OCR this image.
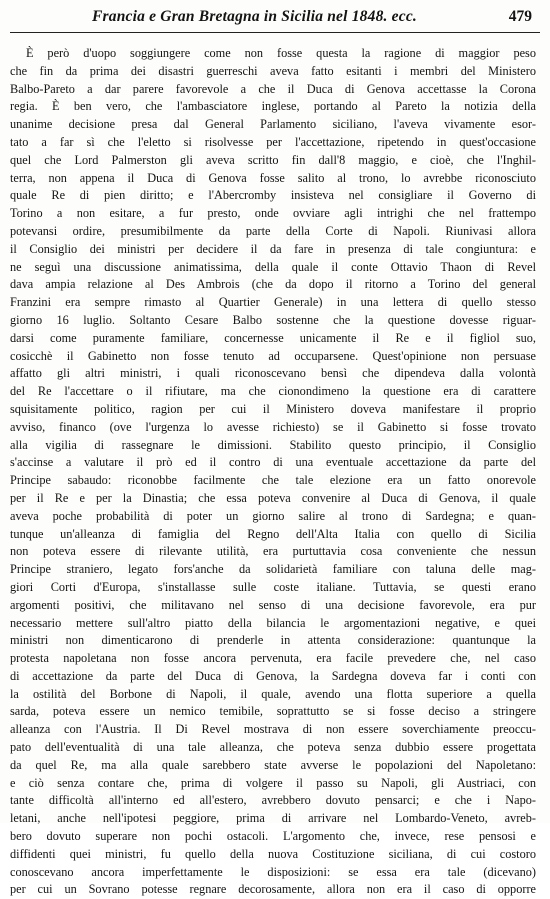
Francia e Gran Bretagna in Sicilia nel 1848. ecc.	479
È però d'uopo soggiungere come non fosse questa la ragione di maggior peso
che fin da prima dei disastri guerreschi aveva fatto esitanti i membri del Ministero
Balbo-Pareto a dar parere favorevole a che il Duca di Genova accettasse la Corona
regia. È ben vero, che l'ambasciatore inglese, portando al Pareto la notizia della
unanime decisione presa dal General Parlamento siciliano, l'aveva vivamente esor-
tato a far sì che l'eletto si risolvesse per l'accettazione, ripetendo in quest'occasione
quel che Lord Palmerston gli aveva scritto fin dall'8 maggio, e cioè, che l'Inghil-
terra, non appena il Duca di Genova fosse salito al trono, lo avrebbe riconosciuto
quale Re di pien diritto; e l'Abercromby insisteva nel consigliare il Governo di
Torino a non esitare, a fur presto, onde ovviare agli intrighi che nel frattempo
potevansi ordire, presumibilmente da parte della Corte di Napoli. Riunivasi allora
il Consiglio dei ministri per decidere il da fare in presenza di tale congiuntura: e
ne seguì una discussione animatissima, della quale il conte Ottavio Thaon di Revel
dava ampia relazione al Des Ambrois (che da dopo il ritorno a Torino del general
Franzini era sempre rimasto al Quartier Generale) in una lettera di quello stesso
giorno 16 luglio. Soltanto Cesare Balbo sostenne che la questione dovesse riguar-
darsi come puramente familiare, concernesse unicamente il Re e il figliol suo,
cosicchè il Gabinetto non fosse tenuto ad occuparsene. Quest'opinione non persuase
affatto gli altri ministri, i quali riconoscevano bensì che dipendeva dalla volontà
del Re l'accettare o il rifiutare, ma che cionondimeno la questione era di carattere
squisitamente politico, ragion per cui il Ministero doveva manifestare il proprio
avviso, financo (ove l'urgenza lo avesse richiesto) se il Gabinetto si fosse trovato
alla vigilia di rassegnare le dimissioni. Stabilito questo principio, il Consiglio
s'accinse a valutare il prò ed il contro di una eventuale accettazione da parte del
Principe sabaudo: riconobbe facilmente che tale elezione era un fatto onorevole
per il Re e per la Dinastia; che essa poteva convenire al Duca di Genova, il quale
aveva poche probabilità di poter un giorno salire al trono di Sardegna; e quan-
tunque un'alleanza di famiglia del Regno dell'Alta Italia con quello di Sicilia
non poteva essere di rilevante utilità, era purtuttavia cosa conveniente che nessun
Principe straniero, legato fors'anche da solidarietà familiare con taluna delle mag-
giori Corti d'Europa, s'installasse sulle coste italiane. Tuttavia, se questi erano
argomenti positivi, che militavano nel senso di una decisione favorevole, era pur
necessario mettere sull'altro piatto della bilancia le argomentazioni negative, e quei
ministri non dimenticarono di prenderle in attenta considerazione: quantunque la
protesta napoletana non fosse ancora pervenuta, era facile prevedere che, nel caso
di accettazione da parte del Duca di Genova, la Sardegna doveva far i conti con
la ostilità del Borbone di Napoli, il quale, avendo una flotta superiore a quella
sarda, poteva essere un nemico temibile, soprattutto se si fosse deciso a stringere
alleanza con l'Austria. Il Di Revel mostrava di non essere soverchiamente preoccu-
pato dell'eventualità di una tale alleanza, che poteva senza dubbio essere progettata
da quel Re, ma alla quale sarebbero state avverse le popolazioni del Napoletano:
e ciò senza contare che, prima di volgere il passo su Napoli, gli Austriaci, con
tante difficoltà all'interno ed all'estero, avrebbero dovuto pensarci; e che i Napo-
letani, anche nell'ipotesi peggiore, prima di arrivare nel Lombardo-Veneto, avreb-
bero dovuto superare non pochi ostacoli. L'argomento che, invece, rese pensosi e
diffidenti quei ministri, fu quello della nuova Costituzione siciliana, di cui costoro
conoscevano ancora imperfettamente le disposizioni: se essa era tale (dicevano)
per cui un Sovrano potesse regnare decorosamente, allora non era il caso di opporre
